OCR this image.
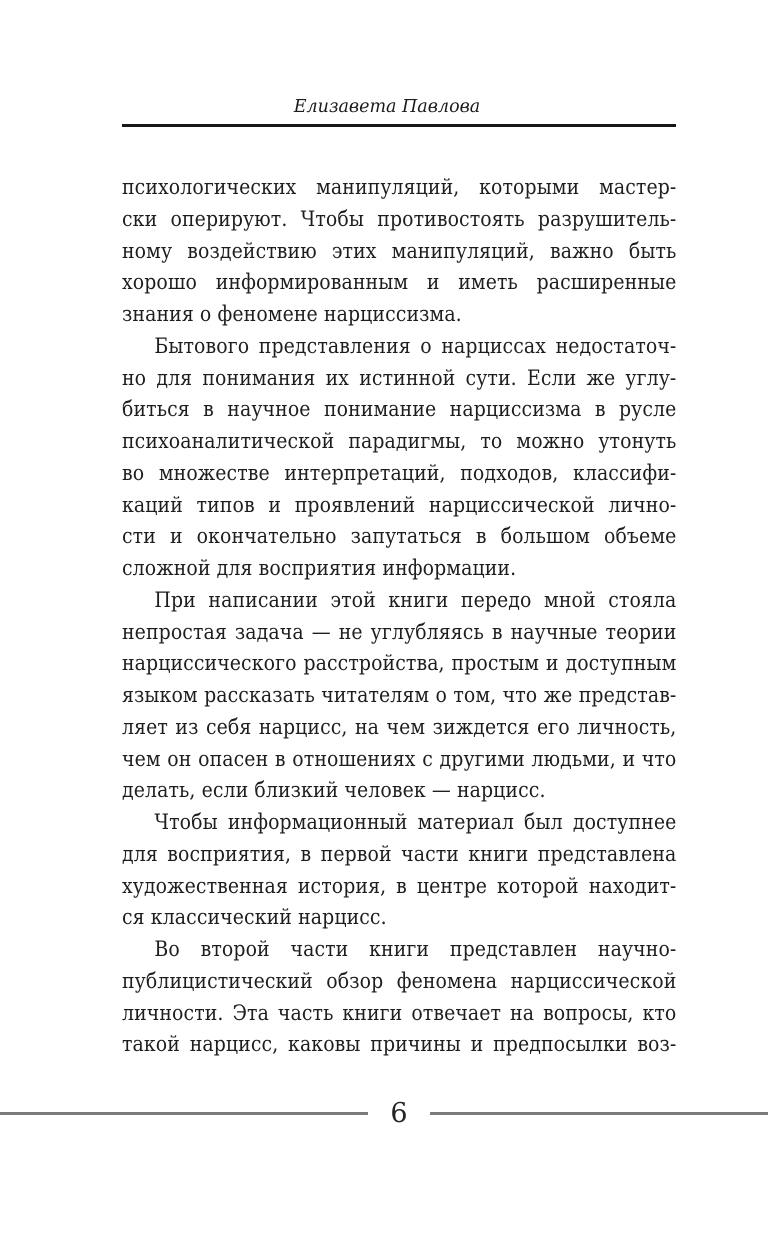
Елизавета Павлова
психологических манипуляций, которыми мастер-
ски оперируют. Чтобы противостоять разрушитель-
ному воздействию этих манипуляций, важно быть
хорошо информированным и иметь расширенные
знания о феномене нарциссизма.
Бытового представления о нарциссах недостаточ-
но для понимания их истинной сути. Если же углу-
биться в научное понимание нарциссизма в русле
психоаналитической парадигмы, то можно утонуть
во множестве интерпретаций, подходов, классифи-
каций типов и проявлений нарциссической лично-
сти и окончательно запутаться в большом объеме
сложной для восприятия информации.
При написании этой книги передо мной стояла
непростая задача — не углубляясь в научные теории
нарциссического расстройства, простым и доступным
языком рассказать читателям о том, что же представ-
ляет из себя нарцисс, на чем зиждется его личность,
чем он опасен в отношениях с другими людьми, и что
делать, если близкий человек — нарцисс.
Чтобы информационный материал был доступнее
для восприятия, в первой части книги представлена
художественная история, в центре которой находит-
ся классический нарцисс.
Во второй части книги представлен научно-
публицистический обзор феномена нарциссической
личности. Эта часть книги отвечает на вопросы, кто
такой нарцисс, каковы причины и предпосылки воз-
6
